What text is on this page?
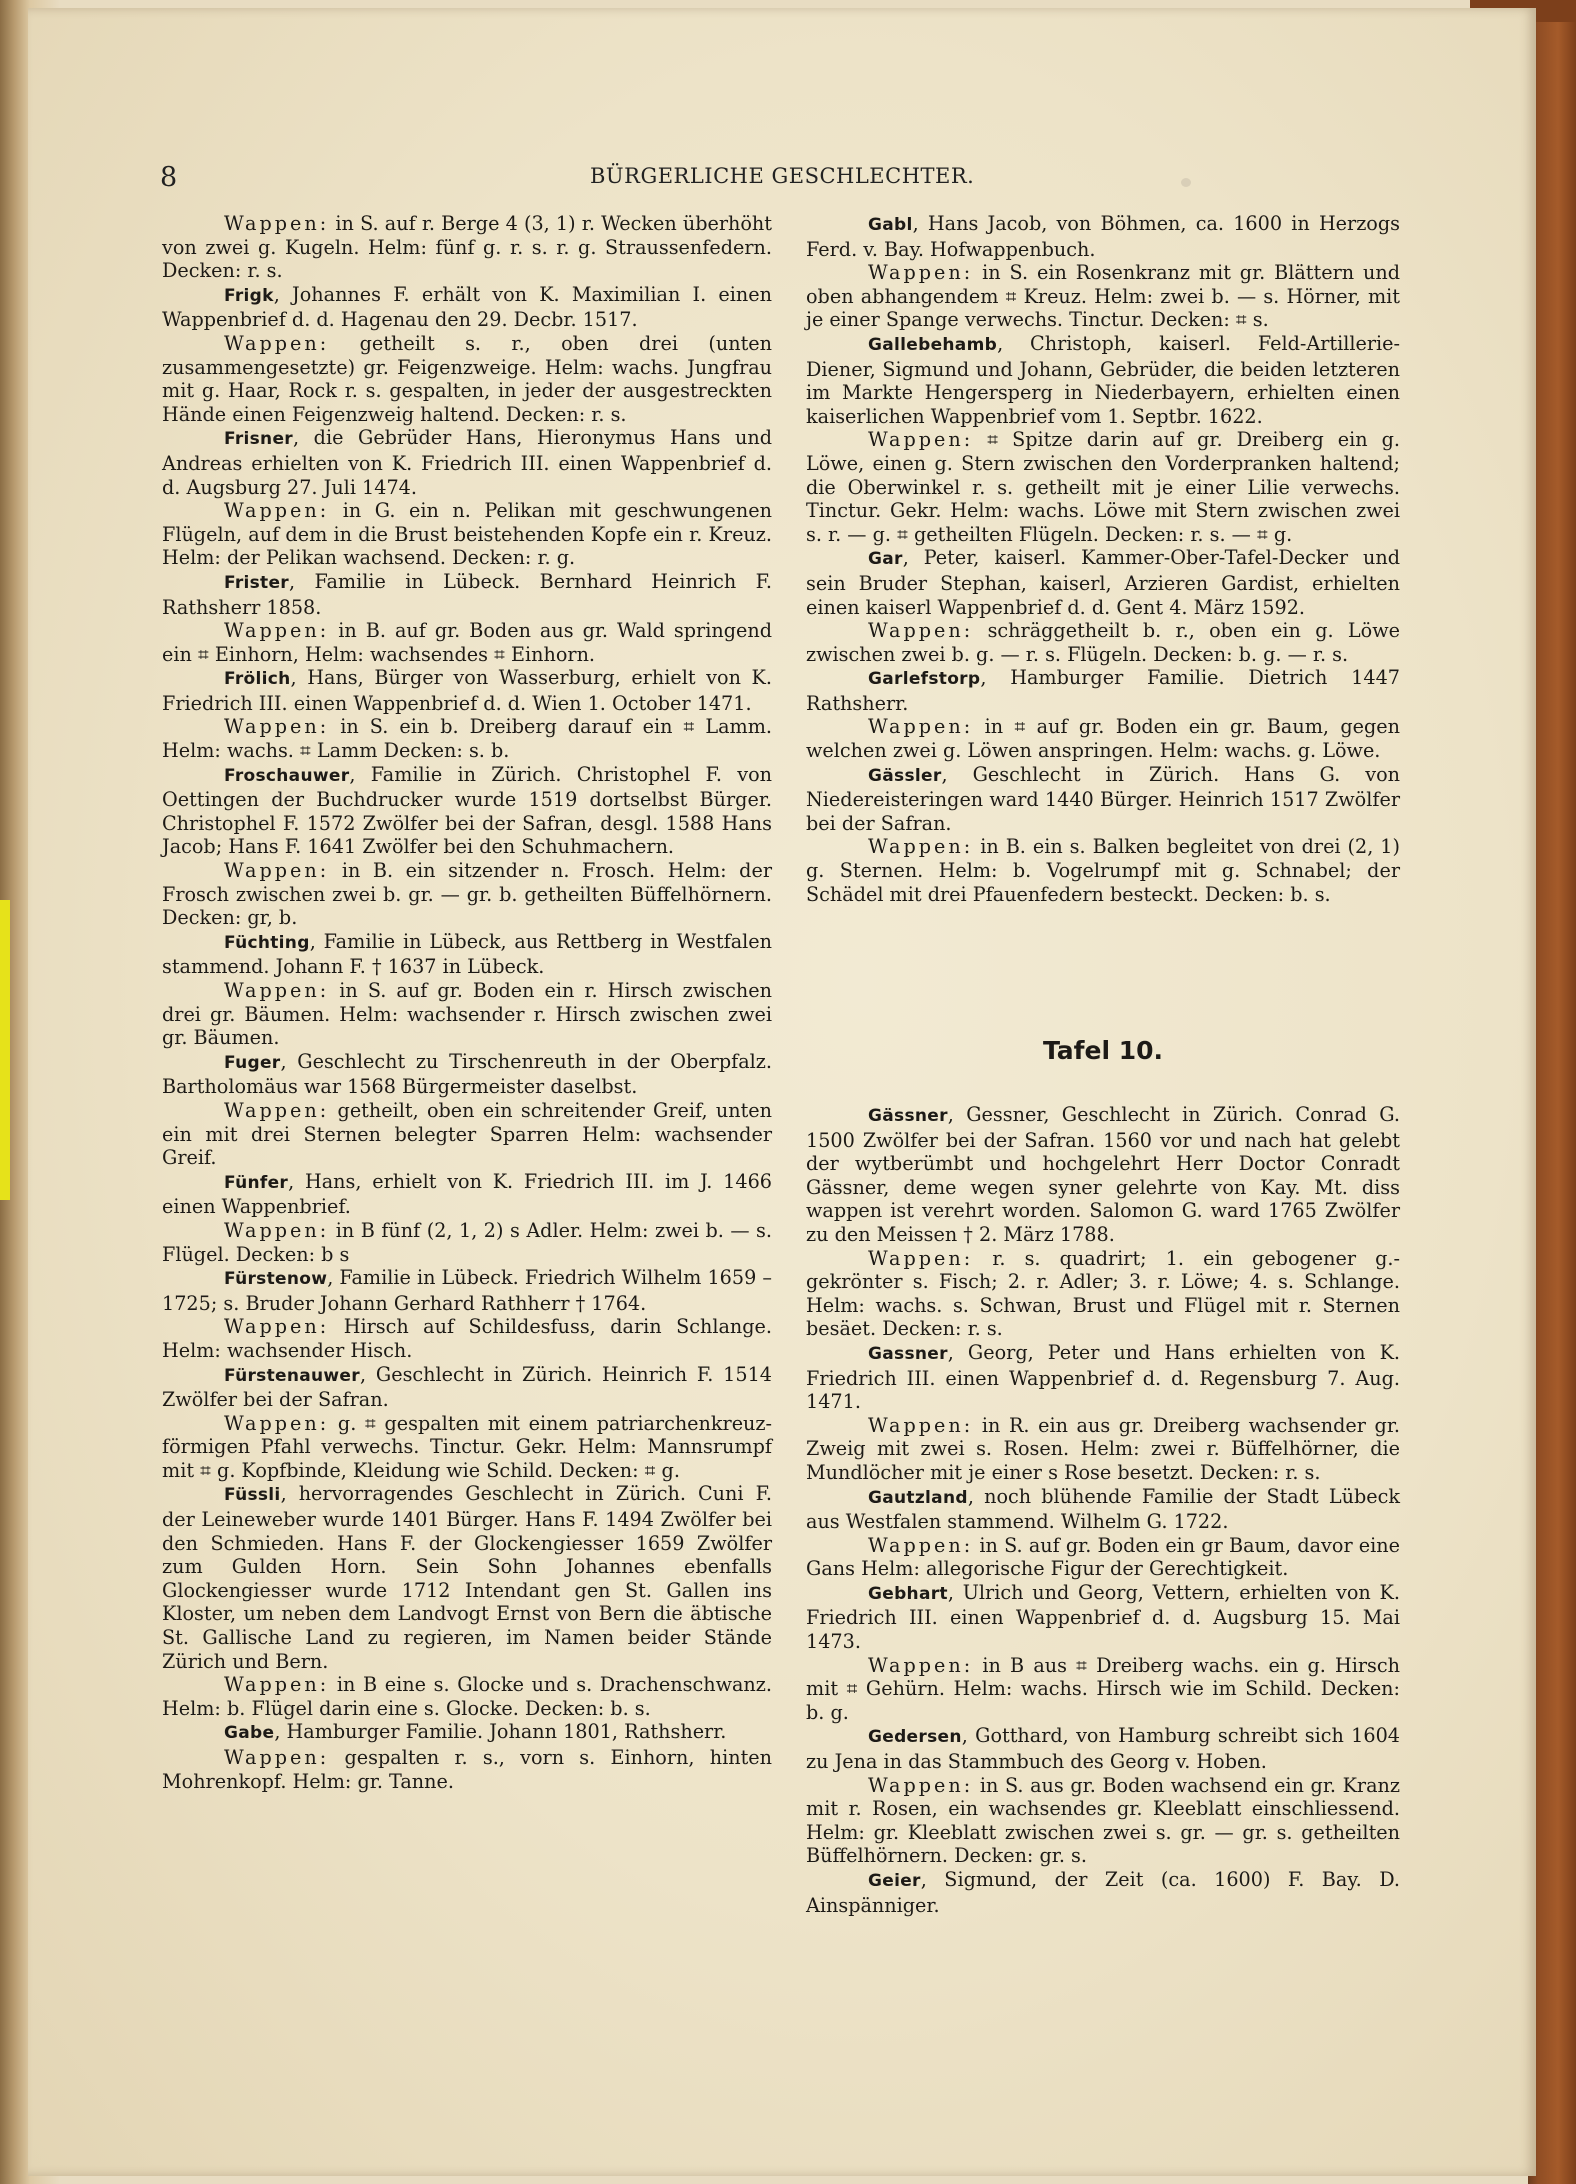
8	BÜRGERLICHE GESCHLECHTER.

Wappen: in S. auf r. Berge 4 (3, 1) r. Wecken überhöht von zwei g. Kugeln. Helm: fünf g. r. s. r. g. Straussenfedern. Decken: r. s.

Frigk, Johannes F. erhält von K. Maximilian I. einen Wappenbrief d. d. Hagenau den 29. Decbr. 1517.

Wappen: getheilt s. r., oben drei (unten zusammengesetzte) gr. Feigenzweige. Helm: wachs. Jungfrau mit g. Haar, Rock r. s. gespalten, in jeder der ausgestreckten Hände einen Feigenzweig haltend. Decken: r. s.

Frisner, die Gebrüder Hans, Hieronymus Hans und Andreas erhielten von K. Friedrich III. einen Wappenbrief d. d. Augsburg 27. Juli 1474.

Wappen: in G. ein n. Pelikan mit geschwungenen Flügeln, auf dem in die Brust beistehenden Kopfe ein r. Kreuz. Helm: der Pelikan wachsend. Decken: r. g.

Frister, Familie in Lübeck. Bernhard Heinrich F. Rathsherr 1858.

Wappen: in B. auf gr. Boden aus gr. Wald springend ein ⌗ Einhorn, Helm: wachsendes ⌗ Einhorn.

Frölich, Hans, Bürger von Wasserburg, erhielt von K. Friedrich III. einen Wappenbrief d. d. Wien 1. October 1471.

Wappen: in S. ein b. Dreiberg darauf ein ⌗ Lamm. Helm: wachs. ⌗ Lamm Decken: s. b.

Froschauwer, Familie in Zürich. Christophel F. von Oettingen der Buchdrucker wurde 1519 dortselbst Bürger. Christophel F. 1572 Zwölfer bei der Safran, desgl. 1588 Hans Jacob; Hans F. 1641 Zwölfer bei den Schuhmachern.

Wappen: in B. ein sitzender n. Frosch. Helm: der Frosch zwischen zwei b. gr. — gr. b. getheilten Büffelhörnern. Decken: gr, b.

Füchting, Familie in Lübeck, aus Rettberg in Westfalen stammend. Johann F. † 1637 in Lübeck.

Wappen: in S. auf gr. Boden ein r. Hirsch zwischen drei gr. Bäumen. Helm: wachsender r. Hirsch zwischen zwei gr. Bäumen.

Fuger, Geschlecht zu Tirschenreuth in der Oberpfalz. Bartholomäus war 1568 Bürgermeister daselbst.

Wappen: getheilt, oben ein schreitender Greif, unten ein mit drei Sternen belegter Sparren Helm: wachsender Greif.

Fünfer, Hans, erhielt von K. Friedrich III. im J. 1466 einen Wappenbrief.

Wappen: in B fünf (2, 1, 2) s Adler. Helm: zwei b. — s. Flügel. Decken: b s

Fürstenow, Familie in Lübeck. Friedrich Wilhelm 1659 – 1725; s. Bruder Johann Gerhard Rathherr † 1764.

Wappen: Hirsch auf Schildesfuss, darin Schlange. Helm: wachsender Hisch.

Fürstenauwer, Geschlecht in Zürich. Heinrich F. 1514 Zwölfer bei der Safran.

Wappen: g. ⌗ gespalten mit einem patriarchenkreuz-förmigen Pfahl verwechs. Tinctur. Gekr. Helm: Mannsrumpf mit ⌗ g. Kopfbinde, Kleidung wie Schild. Decken: ⌗ g.

Füssli, hervorragendes Geschlecht in Zürich. Cuni F. der Leineweber wurde 1401 Bürger. Hans F. 1494 Zwölfer bei den Schmieden. Hans F. der Glockengiesser 1659 Zwölfer zum Gulden Horn. Sein Sohn Johannes ebenfalls Glockengiesser wurde 1712 Intendant gen St. Gallen ins Kloster, um neben dem Landvogt Ernst von Bern die äbtische St. Gallische Land zu regieren, im Namen beider Stände Zürich und Bern.

Wappen: in B eine s. Glocke und s. Drachenschwanz. Helm: b. Flügel darin eine s. Glocke. Decken: b. s.

Gabe, Hamburger Familie. Johann 1801, Rathsherr.

Wappen: gespalten r. s., vorn s. Einhorn, hinten Mohrenkopf. Helm: gr. Tanne.

Gabl, Hans Jacob, von Böhmen, ca. 1600 in Herzogs Ferd. v. Bay. Hofwappenbuch.

Wappen: in S. ein Rosenkranz mit gr. Blättern und oben abhangendem ⌗ Kreuz. Helm: zwei b. — s. Hörner, mit je einer Spange verwechs. Tinctur. Decken: ⌗ s.

Gallebehamb, Christoph, kaiserl. Feld-Artillerie-Diener, Sigmund und Johann, Gebrüder, die beiden letzteren im Markte Hengersperg in Niederbayern, erhielten einen kaiserlichen Wappenbrief vom 1. Septbr. 1622.

Wappen: ⌗ Spitze darin auf gr. Dreiberg ein g. Löwe, einen g. Stern zwischen den Vorderpranken haltend; die Oberwinkel r. s. getheilt mit je einer Lilie verwechs. Tinctur. Gekr. Helm: wachs. Löwe mit Stern zwischen zwei s. r. — g. ⌗ getheilten Flügeln. Decken: r. s. — ⌗ g.

Gar, Peter, kaiserl. Kammer-Ober-Tafel-Decker und sein Bruder Stephan, kaiserl, Arzieren Gardist, erhielten einen kaiserl Wappenbrief d. d. Gent 4. März 1592.

Wappen: schräggetheilt b. r., oben ein g. Löwe zwischen zwei b. g. — r. s. Flügeln. Decken: b. g. — r. s.

Garlefstorp, Hamburger Familie. Dietrich 1447 Rathsherr.

Wappen: in ⌗ auf gr. Boden ein gr. Baum, gegen welchen zwei g. Löwen anspringen. Helm: wachs. g. Löwe.

Gässler, Geschlecht in Zürich. Hans G. von Niedereisteringen ward 1440 Bürger. Heinrich 1517 Zwölfer bei der Safran.

Wappen: in B. ein s. Balken begleitet von drei (2, 1) g. Sternen. Helm: b. Vogelrumpf mit g. Schnabel; der Schädel mit drei Pfauenfedern besteckt. Decken: b. s.

Tafel 10.

Gässner, Gessner, Geschlecht in Zürich. Conrad G. 1500 Zwölfer bei der Safran. 1560 vor und nach hat gelebt der wytberümbt und hochgelehrt Herr Doctor Conradt Gässner, deme wegen syner gelehrte von Kay. Mt. diss wappen ist verehrt worden. Salomon G. ward 1765 Zwölfer zu den Meissen † 2. März 1788.

Wappen: r. s. quadrirt; 1. ein gebogener g.-gekrönter s. Fisch; 2. r. Adler; 3. r. Löwe; 4. s. Schlange. Helm: wachs. s. Schwan, Brust und Flügel mit r. Sternen besäet. Decken: r. s.

Gassner, Georg, Peter und Hans erhielten von K. Friedrich III. einen Wappenbrief d. d. Regensburg 7. Aug. 1471.

Wappen: in R. ein aus gr. Dreiberg wachsender gr. Zweig mit zwei s. Rosen. Helm: zwei r. Büffelhörner, die Mundlöcher mit je einer s Rose besetzt. Decken: r. s.

Gautzland, noch blühende Familie der Stadt Lübeck aus Westfalen stammend. Wilhelm G. 1722.

Wappen: in S. auf gr. Boden ein gr Baum, davor eine Gans Helm: allegorische Figur der Gerechtigkeit.

Gebhart, Ulrich und Georg, Vettern, erhielten von K. Friedrich III. einen Wappenbrief d. d. Augsburg 15. Mai 1473.

Wappen: in B aus ⌗ Dreiberg wachs. ein g. Hirsch mit ⌗ Gehürn. Helm: wachs. Hirsch wie im Schild. Decken: b. g.

Gedersen, Gotthard, von Hamburg schreibt sich 1604 zu Jena in das Stammbuch des Georg v. Hoben.

Wappen: in S. aus gr. Boden wachsend ein gr. Kranz mit r. Rosen, ein wachsendes gr. Kleeblatt einschliessend. Helm: gr. Kleeblatt zwischen zwei s. gr. — gr. s. getheilten Büffelhörnern. Decken: gr. s.

Geier, Sigmund, der Zeit (ca. 1600) F. Bay. D. Ainspänniger.
